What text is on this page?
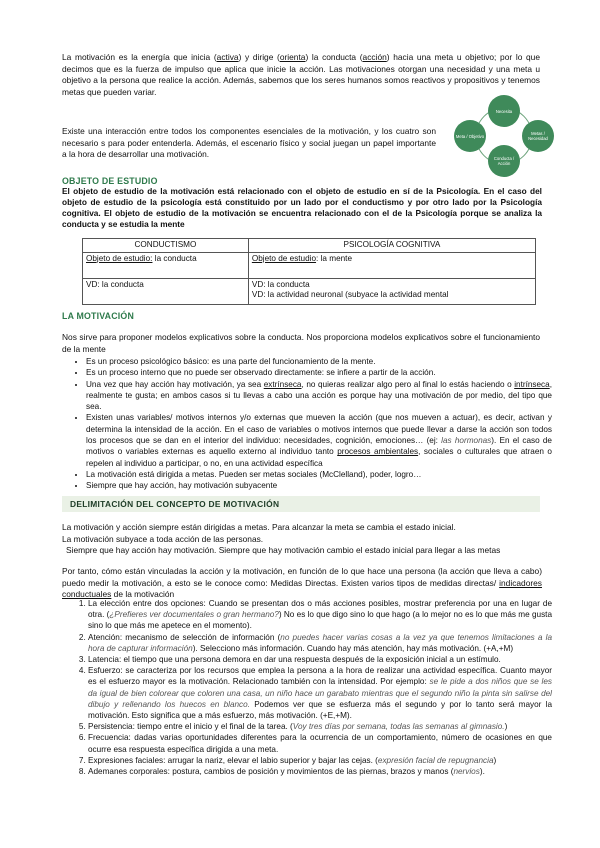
La motivación es la energía que inicia (activa) y dirige (orienta) la conducta (acción) hacia una meta u objetivo; por lo que decimos que es la fuerza de impulso que aplica que inicie la acción. Las motivaciones otorgan una necesidad y una meta u objetivo a la persona que realice la acción. Además, sabemos que los seres humanos somos reactivos y propositivos y tenemos metas que pueden variar.
Existe una interacción entre todos los componentes esenciales de la motivación, y los cuatro son necesario s para poder entenderla. Además, el escenario físico y social juegan un papel importante a la hora de desarrollar una motivación.
Necesita
Metas / Necesidad
Conducta / Acción
Meta / Objetivo
OBJETO DE ESTUDIO
El objeto de estudio de la motivación está relacionado con el objeto de estudio en sí de la Psicología. En el caso del objeto de estudio de la psicología está constituido por un lado por el conductismo y por otro lado por la Psicología cognitiva. El objeto de estudio de la motivación se encuentra relacionado con el de la Psicología porque se analiza la conducta y se estudia la mente
CONDUCTISMO	PSICOLOGÍA COGNITIVA
Objeto de estudio: la conducta	Objeto de estudio: la mente
VD: la conducta	VD: la conducta
VD: la actividad neuronal (subyace la actividad mental
LA MOTIVACIÓN
Nos sirve para proponer modelos explicativos sobre la conducta. Nos proporciona modelos explicativos sobre el funcionamiento de la mente
• Es un proceso psicológico básico: es una parte del funcionamiento de la mente.
• Es un proceso interno que no puede ser observado directamente: se infiere a partir de la acción.
• Una vez que hay acción hay motivación, ya sea extrínseca, no quieras realizar algo pero al final lo estás haciendo o intrínseca, realmente te gusta; en ambos casos si tu llevas a cabo una acción es porque hay una motivación de por medio, del tipo que sea.
• Existen unas variables/ motivos internos y/o externas que mueven la acción (que nos mueven a actuar), es decir, activan y determina la intensidad de la acción. En el caso de variables o motivos internos que puede llevar a darse la acción son todos los procesos que se dan en el interior del individuo: necesidades, cognición, emociones… (ej: las hormonas). En el caso de motivos o variables externas es aquello externo al individuo tanto procesos ambientales, sociales o culturales que atraen o repelen al individuo a participar, o no, en una actividad específica
• La motivación está dirigida a metas. Pueden ser metas sociales (McClelland), poder, logro…
• Siempre que hay acción, hay motivación subyacente
DELIMITACIÓN DEL CONCEPTO DE MOTIVACIÓN
La motivación y acción siempre están dirigidas a metas. Para alcanzar la meta se cambia el estado inicial.
La motivación subyace a toda acción de las personas.
Siempre que hay acción hay motivación. Siempre que hay motivación cambio el estado inicial para llegar a las metas
Por tanto, cómo están vinculadas la acción y la motivación, en función de lo que hace una persona (la acción que lleva a cabo) puedo medir la motivación, a esto se le conoce como: Medidas Directas. Existen varios tipos de medidas directas/ indicadores conductuales de la motivación
1. La elección entre dos opciones: Cuando se presentan dos o más acciones posibles, mostrar preferencia por una en lugar de otra. (¿Prefieres ver documentales o gran hermano?) No es lo que digo sino lo que hago (a lo mejor no es lo que más me gusta sino lo que más me apetece en el momento).
2. Atención: mecanismo de selección de información (no puedes hacer varias cosas a la vez ya que tenemos limitaciones a la hora de capturar información). Selecciono más información. Cuando hay más atención, hay más motivación. (+A,+M)
3. Latencia: el tiempo que una persona demora en dar una respuesta después de la exposición inicial a un estímulo.
4. Esfuerzo: se caracteriza por los recursos que emplea la persona a la hora de realizar una actividad específica. Cuanto mayor es el esfuerzo mayor es la motivación. Relacionado también con la intensidad. Por ejemplo: se le pide a dos niños que se les da igual de bien colorear que coloren una casa, un niño hace un garabato mientras que el segundo niño la pinta sin salirse del dibujo y rellenando los huecos en blanco. Podemos ver que se esfuerza más el segundo y por lo tanto será mayor la motivación. Esto significa que a más esfuerzo, más motivación. (+E,+M).
5. Persistencia: tiempo entre el inicio y el final de la tarea. (Voy tres días por semana, todas las semanas al gimnasio.)
6. Frecuencia: dadas varias oportunidades diferentes para la ocurrencia de un comportamiento, número de ocasiones en que ocurre esa respuesta específica dirigida a una meta.
7. Expresiones faciales: arrugar la nariz, elevar el labio superior y bajar las cejas. (expresión facial de repugnancia)
8. Ademanes corporales: postura, cambios de posición y movimientos de las piernas, brazos y manos (nervios).
